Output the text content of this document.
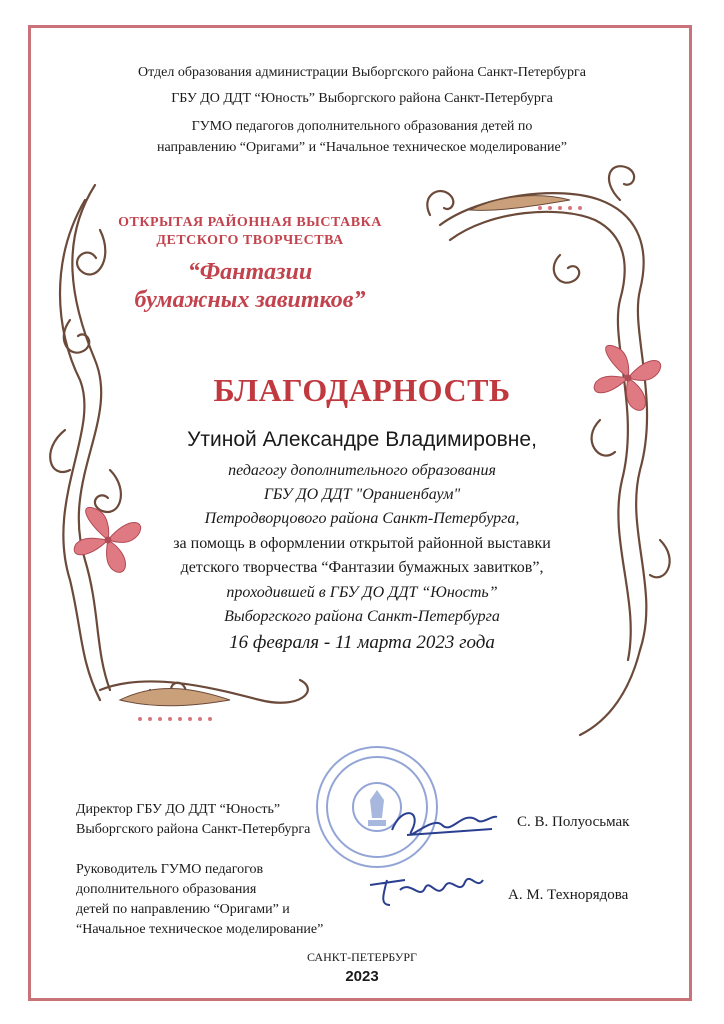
Отдел образования администрации Выборгского района Санкт-Петербурга
ГБУ ДО ДДТ “Юность” Выборгского района Санкт-Петербурга
ГУМО педагогов дополнительного образования детей по
направлению “Оригами” и “Начальное техническое моделирование”
ОТКРЫТАЯ РАЙОННАЯ ВЫСТАВКА
ДЕТСКОГО ТВОРЧЕСТВА
“Фантазии
бумажных завитков”
БЛАГОДАРНОСТЬ
Утиной Александре Владимировне,
педагогу дополнительного образования
ГБУ ДО ДДТ "Ораниенбаум"
Петродворцового района Санкт-Петербурга,
за помощь в оформлении открытой районной выставки
детского творчества “Фантазии бумажных завитков”,
проходившей в ГБУ ДО ДДТ “Юность”
Выборгского района Санкт-Петербурга
16 февраля - 11 марта 2023 года
Директор ГБУ ДО ДДТ “Юность”
Выборгского района Санкт-Петербурга	С. В. Полуосьмак
Руководитель ГУМО педагогов
дополнительного образования
детей по направлению “Оригами” и
“Начальное техническое моделирование”
А. М. Технорядова
САНКТ-ПЕТЕРБУРГ
2023
